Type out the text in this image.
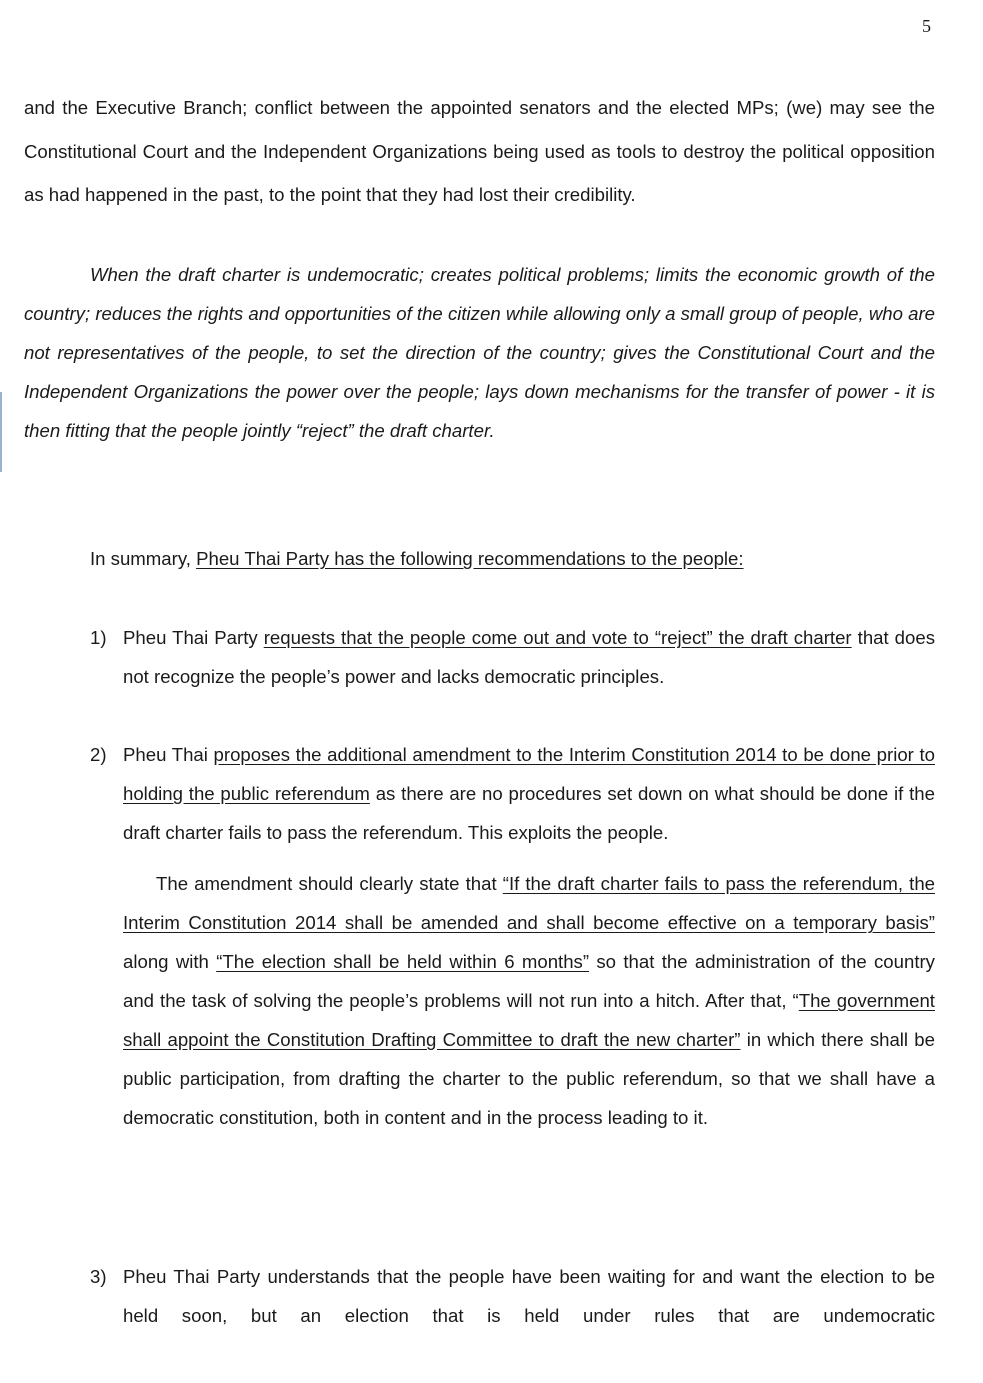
5

and the Executive Branch; conflict between the appointed senators and the elected MPs; (we) may see the Constitutional Court and the Independent Organizations being used as tools to destroy the political opposition as had happened in the past, to the point that they had lost their credibility.

When the draft charter is undemocratic; creates political problems; limits the economic growth of the country; reduces the rights and opportunities of the citizen while allowing only a small group of people, who are not representatives of the people, to set the direction of the country; gives the Constitutional Court and the Independent Organizations the power over the people; lays down mechanisms for the transfer of power - it is then fitting that the people jointly “reject” the draft charter.

In summary, Pheu Thai Party has the following recommendations to the people:
1) Pheu Thai Party requests that the people come out and vote to “reject” the draft charter that does not recognize the people’s power and lacks democratic principles.

2) Pheu Thai proposes the additional amendment to the Interim Constitution 2014 to be done prior to holding the public referendum as there are no procedures set down on what should be done if the draft charter fails to pass the referendum. This exploits the people.

The amendment should clearly state that “If the draft charter fails to pass the referendum, the Interim Constitution 2014 shall be amended and shall become effective on a temporary basis” along with “The election shall be held within 6 months” so that the administration of the country and the task of solving the people’s problems will not run into a hitch. After that, “The government shall appoint the Constitution Drafting Committee to draft the new charter” in which there shall be public participation, from drafting the charter to the public referendum, so that we shall have a democratic constitution, both in content and in the process leading to it.

3) Pheu Thai Party understands that the people have been waiting for and want the election to be held soon, but an election that is held under rules that are undemocratic
